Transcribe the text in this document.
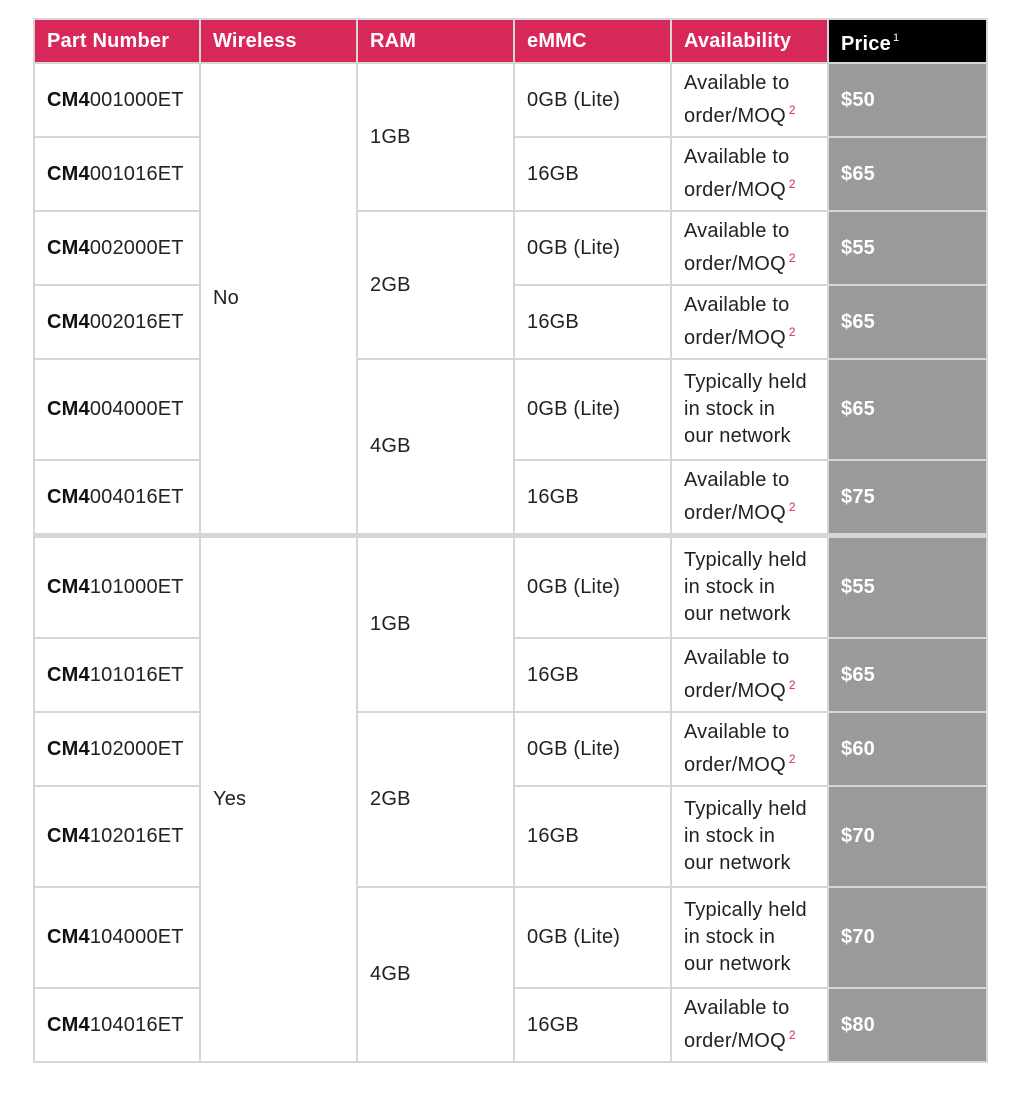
Part Number	Wireless	RAM	eMMC	Availability	Price $^1$
CM4001000ET	No	1GB	0GB (Lite)	Available to
order/MOQ $^2$	$50
CM4001016ET			16GB	Available to
order/MOQ $^2$	$65
CM4002000ET		2GB	0GB (Lite)	Available to
order/MOQ $^2$	$55
CM4002016ET			16GB	Available to
order/MOQ $^2$	$65
CM4004000ET		4GB	0GB (Lite)	Typically held
in stock in
our network	$65
CM4004016ET			16GB	Available to
order/MOQ $^2$	$75
CM4101000ET	Yes	1GB	0GB (Lite)	Typically held
in stock in
our network	$55
CM4101016ET			16GB	Available to
order/MOQ $^2$	$65
CM4102000ET		2GB	0GB (Lite)	Available to
order/MOQ $^2$	$60
CM4102016ET			16GB	Typically held
in stock in
our network	$70
CM4104000ET		4GB	0GB (Lite)	Typically held
in stock in
our network	$70
CM4104016ET			16GB	Available to
order/MOQ $^2$	$80
